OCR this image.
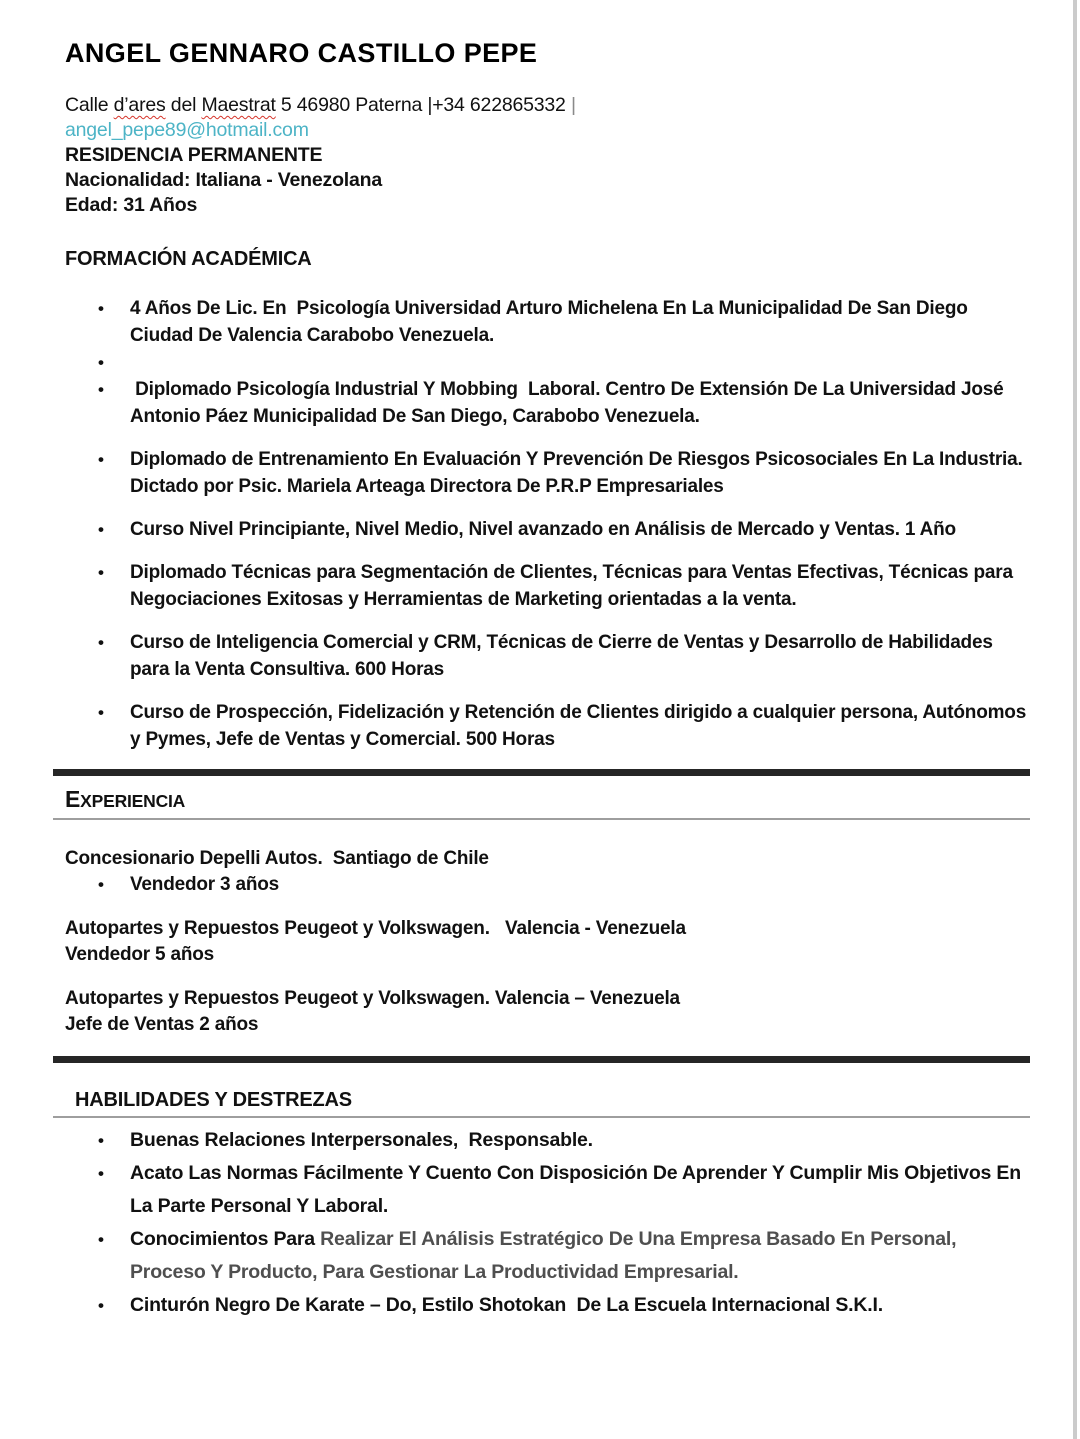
ANGEL GENNARO CASTILLO PEPE
Calle d’ares del Maestrat 5 46980 Paterna |+34 622865332 |
angel_pepe89@hotmail.com
RESIDENCIA PERMANENTE
Nacionalidad: Italiana - Venezolana
Edad: 31 Años
FORMACIÓN ACADÉMICA
• 4 Años De Lic. En  Psicología Universidad Arturo Michelena En La Municipalidad De San Diego Ciudad De Valencia Carabobo Venezuela.
•
•  Diplomado Psicología Industrial Y Mobbing  Laboral. Centro De Extensión De La Universidad José Antonio Páez Municipalidad De San Diego, Carabobo Venezuela.
• Diplomado de Entrenamiento En Evaluación Y Prevención De Riesgos Psicosociales En La Industria.  Dictado por Psic. Mariela Arteaga Directora De P.R.P Empresariales
• Curso Nivel Principiante, Nivel Medio, Nivel avanzado en Análisis de Mercado y Ventas. 1 Año
• Diplomado Técnicas para Segmentación de Clientes, Técnicas para Ventas Efectivas, Técnicas para Negociaciones Exitosas y Herramientas de Marketing orientadas a la venta.
• Curso de Inteligencia Comercial y CRM, Técnicas de Cierre de Ventas y Desarrollo de Habilidades para la Venta Consultiva. 600 Horas
• Curso de Prospección, Fidelización y Retención de Clientes dirigido a cualquier persona, Autónomos y Pymes, Jefe de Ventas y Comercial. 500 Horas
EXPERIENCIA
Concesionario Depelli Autos.  Santiago de Chile
• Vendedor 3 años
Autopartes y Repuestos Peugeot y Volkswagen.   Valencia - Venezuela
Vendedor 5 años
Autopartes y Repuestos Peugeot y Volkswagen. Valencia – Venezuela
Jefe de Ventas 2 años
HABILIDADES Y DESTREZAS
• Buenas Relaciones Interpersonales,  Responsable.
• Acato Las Normas Fácilmente Y Cuento Con Disposición De Aprender Y Cumplir Mis Objetivos En La Parte Personal Y Laboral.
• Conocimientos Para Realizar El Análisis Estratégico De Una Empresa Basado En Personal, Proceso Y Producto, Para Gestionar La Productividad Empresarial.
• Cinturón Negro De Karate – Do, Estilo Shotokan  De La Escuela Internacional S.K.I.
